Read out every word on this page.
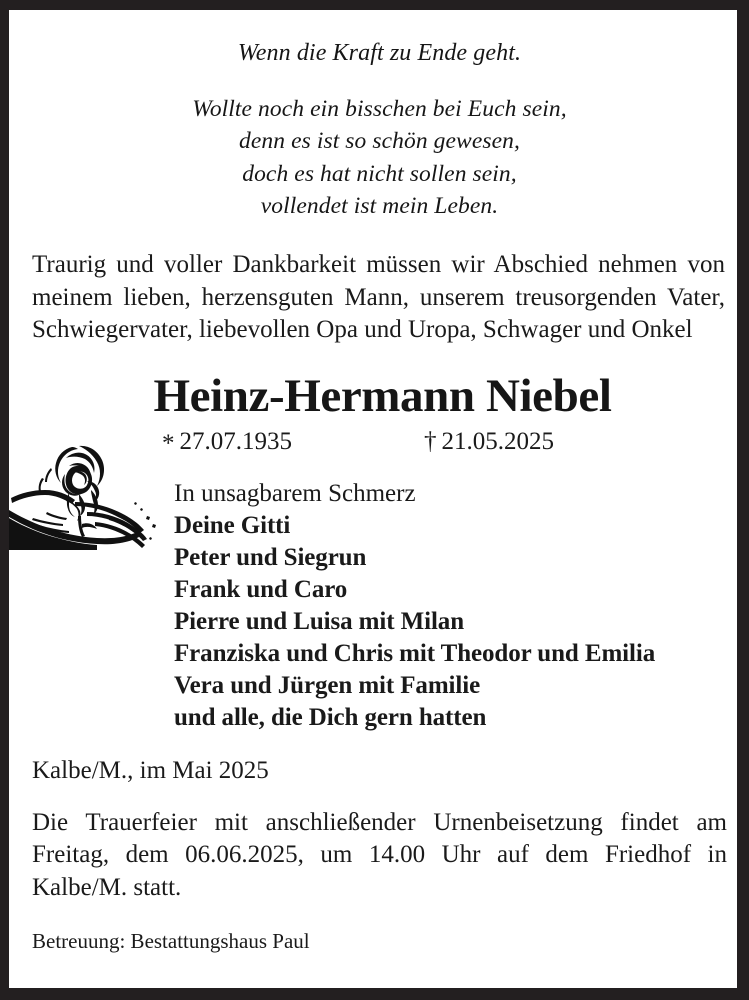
Wenn die Kraft zu Ende geht.
Wollte noch ein bisschen bei Euch sein,
denn es ist so schön gewesen,
doch es hat nicht sollen sein,
vollendet ist mein Leben.

Traurig und voller Dankbarkeit müssen wir Abschied nehmen von meinem lieben, herzensguten Mann, unserem treusorgenden Vater, Schwiegervater, liebevollen Opa und Uropa, Schwager und Onkel

Heinz-Hermann Niebel
* 27.07.1935	† 21.05.2025
In unsagbarem Schmerz
Deine Gitti
Peter und Siegrun
Frank und Caro
Pierre und Luisa mit Milan
Franziska und Chris mit Theodor und Emilia
Vera und Jürgen mit Familie
und alle, die Dich gern hatten
Kalbe/M., im Mai 2025

Die Trauerfeier mit anschließender Urnenbeisetzung findet am Freitag, dem 06.06.2025, um 14.00 Uhr auf dem Friedhof in Kalbe/M. statt.

Betreuung: Bestattungshaus Paul
